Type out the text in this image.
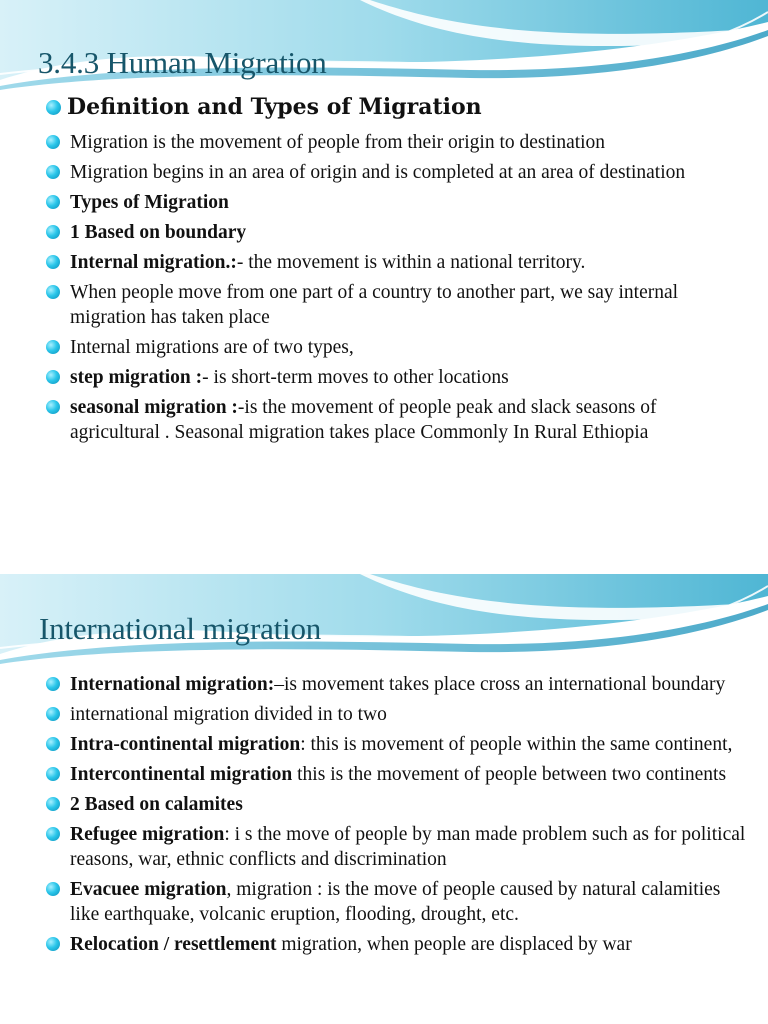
3.4.3 Human Migration
Definition and Types of Migration
Migration is the movement of people from their origin to destination
Migration begins in an area of origin and is completed at an area of destination
Types of Migration
1 Based on boundary
Internal migration.:- the movement is within a national territory.
When people move from one part of a country to another part, we say internal migration has taken place
Internal migrations are of two types,
step migration :- is short-term moves to other locations
seasonal migration :-is the movement of people peak and slack seasons of agricultural . Seasonal migration takes place Commonly In Rural Ethiopia
International migration
International migration:–is movement takes place cross an international boundary
international migration divided in to two
Intra-continental migration: this is movement of people within the same continent,
Intercontinental migration this is the movement of people between two continents
2 Based on calamites
Refugee migration: i s the move of people by man made problem such as for political reasons, war, ethnic conflicts and discrimination
Evacuee migration, migration : is the move of people caused by natural calamities like earthquake, volcanic eruption, flooding, drought, etc.
Relocation / resettlement migration, when people are displaced by war
